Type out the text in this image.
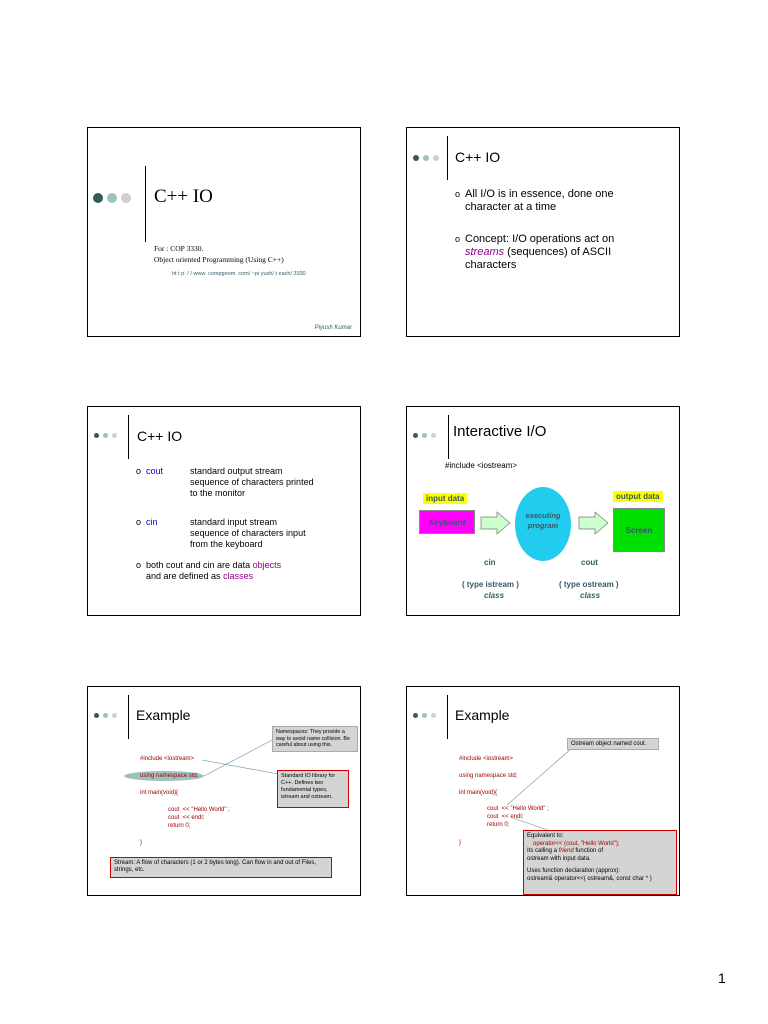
C++ IO
For : COP 3330.
Object oriented Programming (Using C++)
ht t p: / / www. compgeom. com/ ~pi yush/ t each/ 3330
Piyush Kumar
C++ IO
o All I/O is in essence, done one character at a time
o Concept: I/O operations act on streams (sequences) of ASCII characters
C++ IO
o cout	standard output stream
sequence of characters printed
to the monitor
o cin	standard input stream
sequence of characters input
from the keyboard
o both cout and cin are data objects
and are defined as classes
Interactive I/O
#include <iostream>
input data
Keyboard
executing
program
output data
Screen
cin	cout
( type istream )	( type ostream )
class	class
Example
#include <iostream>
using namespace std;
int main(void){
cout  << "Hello World" ;
cout  << endl;
return 0;
}
Namespaces: They provide a way to avoid name collision. Be careful about using this.
Standard IO library for C++. Defines two fundamental types, istream and ostream.
Stream: A flow of characters (1 or 2 bytes long). Can flow in and out of Files, strings, etc.
Example
#include <iostream>
using namespace std;
int main(void){
cout  << "Hello World" ;
cout  << endl;
return 0;
}
Ostream object named cout.
Equivalent to:
operator<< (cout, "Hello World");
Its calling a friend function of
ostream with input data.
Uses function declaration (approx):
ostream& operator<<( ostream&, const char * )
1
